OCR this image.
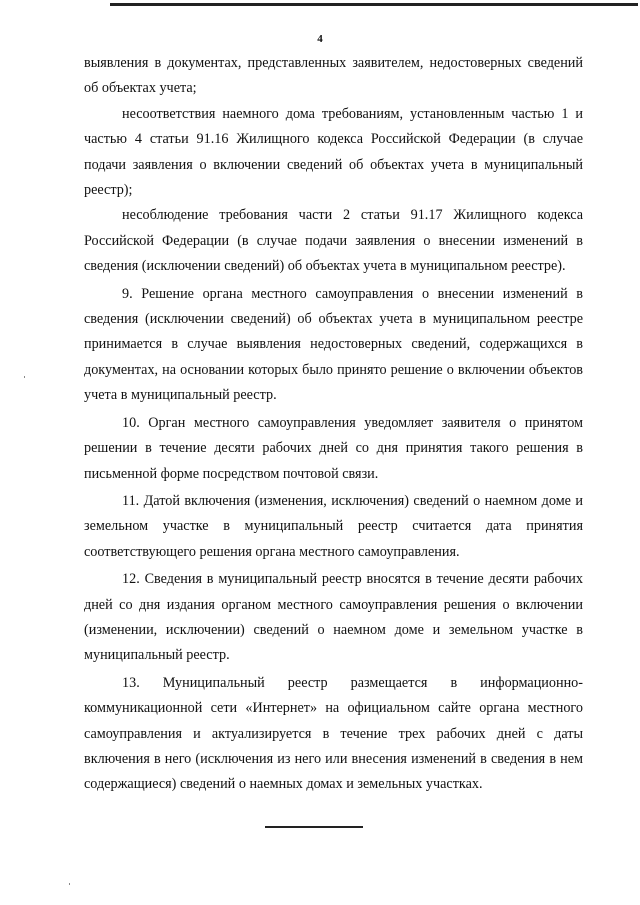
4

выявления в документах, представленных заявителем, недостоверных сведений об объектах учета;

несоответствия наемного дома требованиям, установленным частью 1 и частью 4 статьи 91.16 Жилищного кодекса Российской Федерации (в случае подачи заявления о включении сведений об объектах учета в муниципальный реестр);

несоблюдение требования части 2 статьи 91.17 Жилищного кодекса Российской Федерации (в случае подачи заявления о внесении изменений в сведения (исключении сведений) об объектах учета в муниципальном реестре).

9. Решение органа местного самоуправления о внесении изменений в сведения (исключении сведений) об объектах учета в муниципальном реестре принимается в случае выявления недостоверных сведений, содержащихся в документах, на основании которых было принято решение о включении объектов учета в муниципальный реестр.

10. Орган местного самоуправления уведомляет заявителя о принятом решении в течение десяти рабочих дней со дня принятия такого решения в письменной форме посредством почтовой связи.

11. Датой включения (изменения, исключения) сведений о наемном доме и земельном участке в муниципальный реестр считается дата принятия соответствующего решения органа местного самоуправления.

12. Сведения в муниципальный реестр вносятся в течение десяти рабочих дней со дня издания органом местного самоуправления решения о включении (изменении, исключении) сведений о наемном доме и земельном участке в муниципальный реестр.

13. Муниципальный реестр размещается в информационно-коммуникационной сети «Интернет» на официальном сайте органа местного самоуправления и актуализируется в течение трех рабочих дней с даты включения в него (исключения из него или внесения изменений в сведения в нем содержащиеся) сведений о наемных домах и земельных участках.
